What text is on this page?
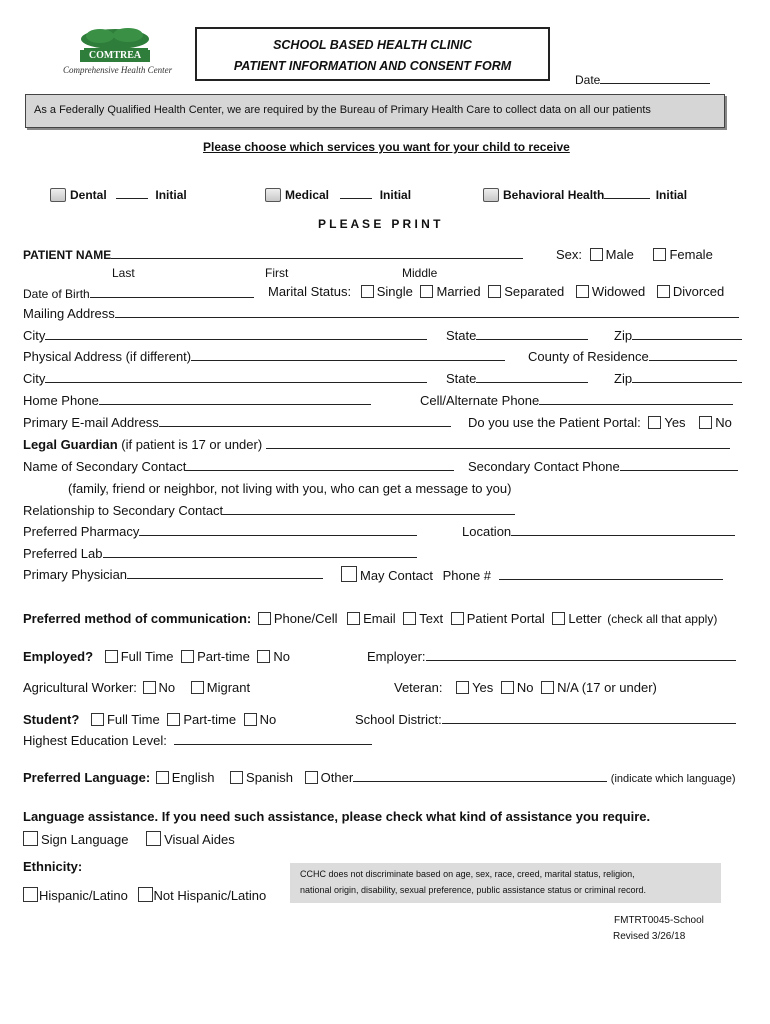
COMTREA
Comprehensive Health Center
SCHOOL BASED HEALTH CLINIC
PATIENT INFORMATION AND CONSENT FORM
Date
As a Federally Qualified Health Center, we are required by the Bureau of Primary Health Care to collect data on all our patients
Please choose which services you want for your child to receive
Dental	Initial	Medical	Initial	Behavioral Health	Initial
P L E A S E   P R I N T
PATIENT NAME	Sex: Male	Female
Last	First	Middle
Date of Birth	Marital Status: Single Married Separated Widowed Divorced
Mailing Address
City	State	Zip
Physical Address (if different)	County of Residence
City	State	Zip
Home Phone	Cell/Alternate Phone
Primary E-mail Address	Do you use the Patient Portal: Yes No
Legal Guardian (if patient is 17 or under)
Name of Secondary Contact	Secondary Contact Phone
(family, friend or neighbor, not living with you, who can get a message to you)
Relationship to Secondary Contact
Preferred Pharmacy	Location
Preferred Lab
Primary Physician	May Contact Phone #
Preferred method of communication: Phone/Cell Email Text Patient Portal Letter (check all that apply)
Employed? Full Time Part-time No	Employer:
Agricultural Worker: No Migrant	Veteran: Yes No N/A (17 or under)
Student? Full Time Part-time No	School District:
Highest Education Level:
Preferred Language: English Spanish Other	(indicate which language)
Language assistance. If you need such assistance, please check what kind of assistance you require.
Sign Language	Visual Aides
Ethnicity:
Hispanic/Latino Not Hispanic/Latino
CCHC does not discriminate based on age, sex, race, creed, marital status, religion,
national origin, disability, sexual preference, public assistance status or criminal record.
FMTRT0045-School
Revised 3/26/18
